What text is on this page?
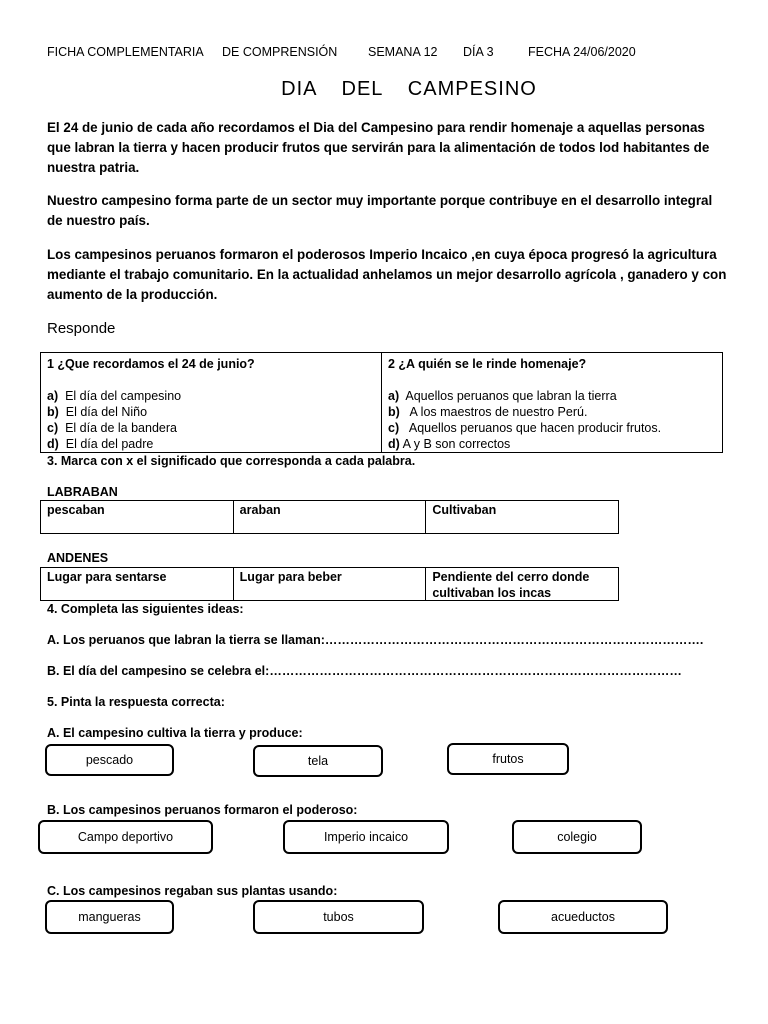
FICHA COMPLEMENTARIA DE COMPRENSIÓN SEMANA 12 DÍA 3	FECHA 24/06/2020
DIA  DEL  CAMPESINO
El 24 de junio de cada año recordamos el Dia del Campesino para rendir homenaje a aquellas personas que labran la tierra y hacen producir frutos que servirán para la alimentación de todos lod habitantes de nuestra patria.
Nuestro campesino forma parte de un sector muy importante porque contribuye en el desarrollo integral de nuestro país.
Los campesinos peruanos formaron el poderosos Imperio Incaico ,en cuya época progresó la agricultura mediante el trabajo comunitario. En la actualidad anhelamos un mejor desarrollo agrícola , ganadero y con aumento de la producción.
Responde
1 ¿Que recordamos el 24 de junio?
a) El día del campesino
b) El día del Niño
c) El día de la bandera
d) El día del padre
2 ¿A quién se le rinde homenaje?
a) Aquellos peruanos que labran la tierra
b) A los maestros de nuestro Perú.
c) Aquellos peruanos que hacen producir frutos.
d) A y B son correctos
3. Marca con x el significado que corresponda a cada palabra.
LABRABAN
pescaban	araban	Cultivaban
ANDENES
Lugar para sentarse	Lugar para beber	Pendiente del cerro donde cultivaban los incas
4. Completa las siguientes ideas:
A. Los peruanos que labran la tierra se llaman:……………………………………………………………………………….
B. El día del campesino se celebra el:………………………………………………………………………………………
5. Pinta la respuesta correcta:
A. El campesino cultiva la tierra y produce:
pescado	tela	frutos
B. Los campesinos peruanos formaron el poderoso:
Campo deportivo	Imperio incaico	colegio
C. Los campesinos regaban sus plantas usando:
mangueras	tubos	acueductos
